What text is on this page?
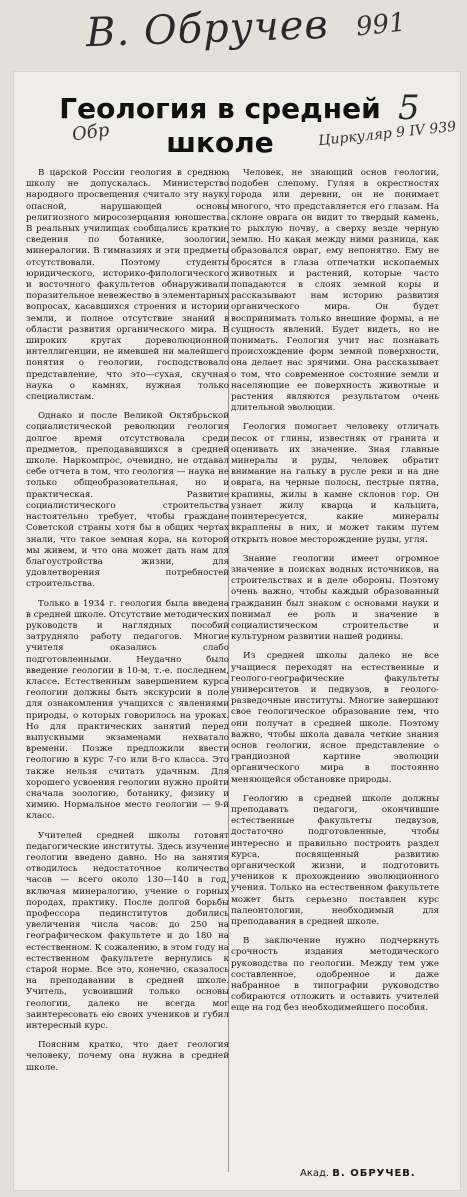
В. Обручев 991
5
Обр	Циркуляр 9 IV 939
Геология в средней
школе

В царской России геология в среднюю школу не допускалась. Министерство народного просвещения считало эту науку опасной, нарушающей основы религиозного миросозерцания юношества. В реальных училищах сообщались краткие сведения по ботанике, зоологии, минералогии. В гимназиях и эти предметы отсутствовали. Поэтому студенты юридического, историко-филологического и восточного факультетов обнаруживали поразительное невежество в элементарных вопросах, касавшихся строения и истории земли, и полное отсутствие знаний в области развития органического мира. В широких кругах дореволюционной интеллигенции, не имевшей ни малейшего понятия о геологии, господствовало представление, что это—сухая, скучная наука о камнях, нужная только специалистам.

Однако и после Великой Октябрьской социалистической революции геология долгое время отсутствовала среди предметов, преподававшихся в средней школе. Наркомпрос, очевидно, не отдавал себе отчета в том, что геология — наука не только общеобразовательная, но и практическая. Развитие социалистического строительства настоятельно требует, чтобы граждане Советской страны хотя бы в общих чертах знали, что такое земная кора, на которой мы живем, и что она может дать нам для благоустройства жизни, для удовлетворения потребностей строительства.

Только в 1934 г. геология была введена в средней школе. Отсутствие методических руководств и наглядных пособий затрудняло работу педагогов. Многие учителя оказались слабо подготовленными. Неудачно было введение геологии в 10-м, т.-е. последнем, классе. Естественным завершением курса геологии должны быть экскурсии в поле для ознакомления учащихся с явлениями природы, о которых говорилось на уроках. Но для практических занятий перед выпускными экзаменами нехватало времени. Позже предложили ввести геологию в курс 7-го или 8-го класса. Это также нельзя считать удачным. Для хорошего усвоения геологии нужно пройти сначала зоологию, ботанику, физику и химию. Нормальное место геологии — 9-й класс.

Учителей средней школы готовят педагогические институты. Здесь изучение геологии введено давно. Но на занятия отводилось недостаточное количество часов — всего около 130—140 в год, включая минералогию, учение о горных породах, практику. После долгой борьбы профессора пединститутов добились увеличения числа часов: до 250 на географическом факультете и до 180 на естественном. К сожалению, в этом году на естественном факультете вернулись к старой норме. Все это, конечно, сказалось на преподавании в средней школе. Учитель, усвоивший только основы геологии, далеко не всегда мог заинтересовать ею своих учеников и губил интересный курс.

Поясним кратко, что дает геология человеку, почему она нужна в средней школе.

Человек, не знающий основ геологии, подобен слепому. Гуляя в окрестностях города или деревни, он не понимает многого, что представляется его глазам. На склоне оврага он видит то твердый камень, то рыхлую почву, а сверху везде черную землю. Но какая между ними разница, как образовался овраг, ему непонятно. Ему не бросятся в глаза отпечатки ископаемых животных и растений, которые часто попадаются в слоях земной коры и рассказывают нам историю развития органического мира. Он будет воспринимать только внешние формы, а не сущность явлений. Будет видеть, но не понимать. Геология учит нас познавать происхождение форм земной поверхности, она делает нас зрячими. Она рассказывает о том, что современное состояние земли и населяющие ее поверхность животные и растения являются результатом очень длительной эволюции.

Геология помогает человеку отличать песок от глины, известняк от гранита и оценивать их значение. Зная главные минералы и руды, человек обратит внимание на гальку в русле реки и на дне оврага, на черные полосы, пестрые пятна, крапины, жилы в камне склонов гор. Он узнает жилу кварца и кальцита, поинтересуется, какие минералы вкраплены в них, и может таким путем открыть новое месторождение руды, угля.

Знание геологии имеет огромное значение в поисках водных источников, на строительствах и в деле обороны. Поэтому очень важно, чтобы каждый образованный гражданин был знаком с основами науки и понимал ее роль и значение в социалистическом строительстве и культурном развитии нашей родины.

Из средней школы далеко не все учащиеся переходят на естественные и геолого-географические факультеты университетов и педвузов, в геолого-разведочные институты. Многие завершают свое геологическое образование тем, что они получат в средней школе. Поэтому важно, чтобы школа давала четкие знания основ геологии, ясное представление о грандиозной картине эволюции органического мира в постоянно меняющейся обстановке природы.

Геологию в средней школе должны преподавать педагоги, окончившие естественные факультеты педвузов, достаточно подготовленные, чтобы интересно и правильно построить раздел курса, посвященный развитию органической жизни, и подготовить учеников к прохождению эволюционного учения. Только на естественном факультете может быть серьезно поставлен курс палеонтологии, необходимый для преподавания в средней школе.

В заключение нужно подчеркнуть срочность издания методического руководства по геологии. Между тем уже составленное, одобренное и даже набранное в типографии руководство собираются отложить и оставить учителей еще на год без необходимейшего пособия.

Акад. В. ОБРУЧЕВ.
